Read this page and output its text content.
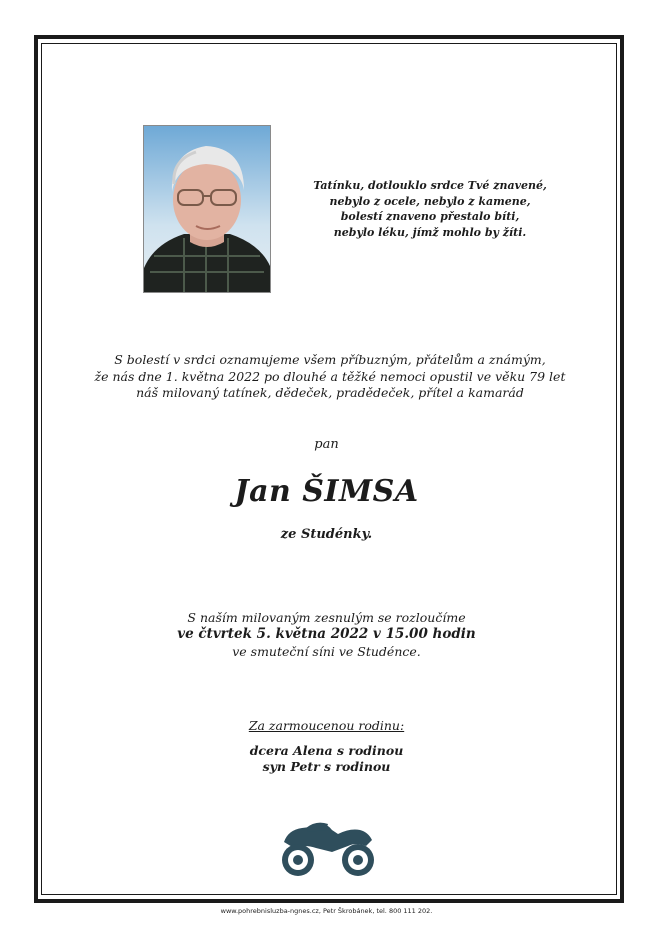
Tatínku, dotlouklo srdce Tvé znavené,
nebylo z ocele, nebylo z kamene,
bolestí znaveno přestalo bíti,
nebylo léku, jímž mohlo by žíti.
S bolestí v srdci oznamujeme všem příbuzným, přátelům a známým,
že nás dne 1. května 2022 po dlouhé a těžké nemoci opustil ve věku 79 let
náš milovaný tatínek, dědeček, pradědeček, přítel a kamarád
pan
Jan ŠIMSA
ze Studénky.
S naším milovaným zesnulým se rozloučíme
ve čtvrtek 5. května 2022 v 15.00 hodin
ve smuteční síni ve Studénce.
Za zarmoucenou rodinu:
dcera Alena s rodinou
syn Petr s rodinou
www.pohrebnisluzba-ngnes.cz, Petr Škrobánek, tel. 800 111 202.
